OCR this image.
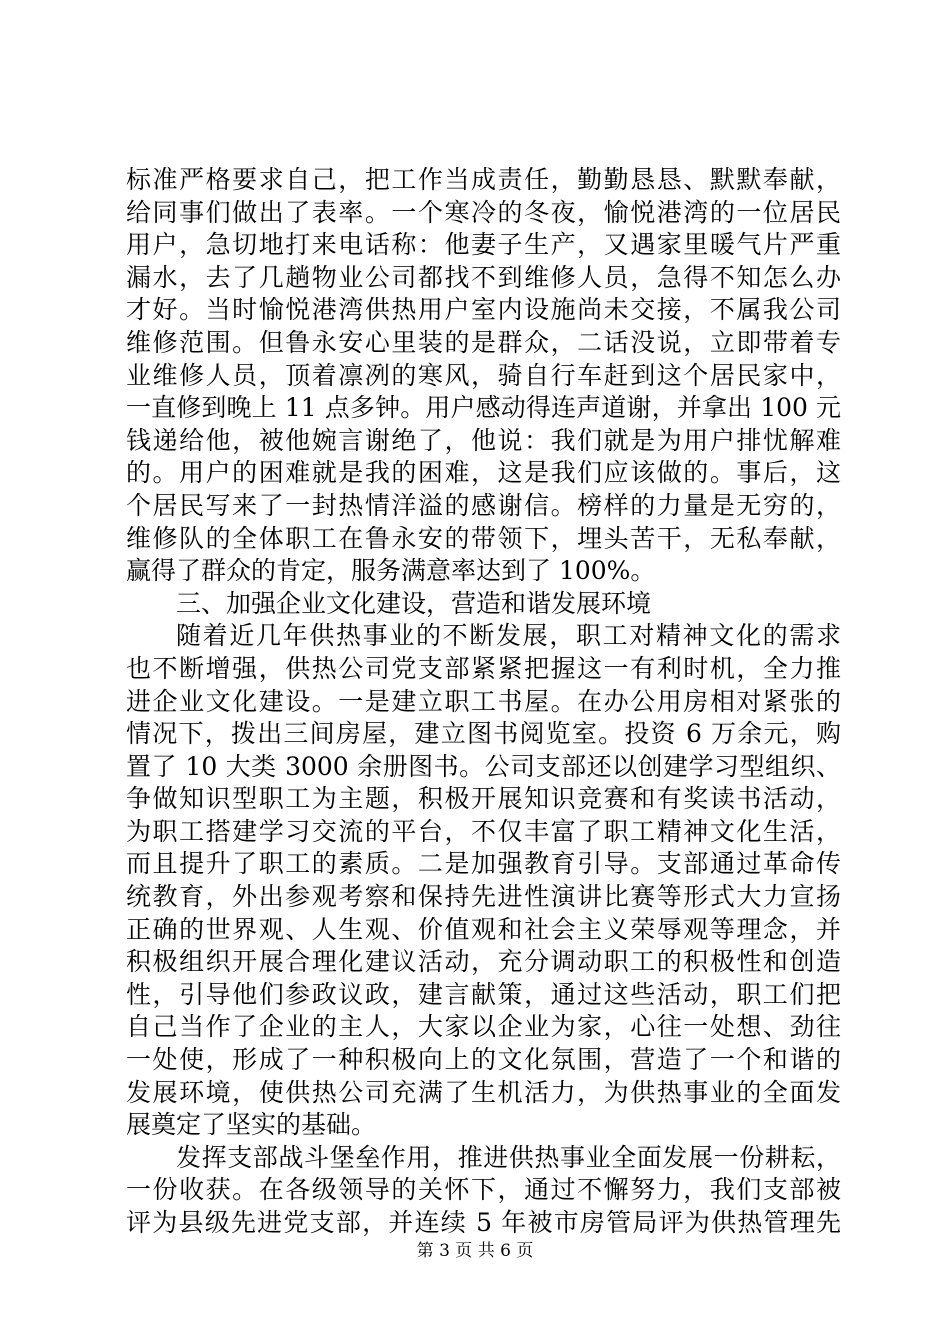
标准严格要求自己，把工作当成责任，勤勤恳恳、默默奉献，
给同事们做出了表率。一个寒冷的冬夜，愉悦港湾的一位居民
用户，急切地打来电话称：他妻子生产，又遇家里暖气片严重
漏水，去了几趟物业公司都找不到维修人员，急得不知怎么办
才好。当时愉悦港湾供热用户室内设施尚未交接，不属我公司
维修范围。但鲁永安心里装的是群众，二话没说，立即带着专
业维修人员，顶着凛冽的寒风，骑自行车赶到这个居民家中，
一直修到晚上 11 点多钟。用户感动得连声道谢，并拿出 100 元
钱递给他，被他婉言谢绝了，他说：我们就是为用户排忧解难
的。用户的困难就是我的困难，这是我们应该做的。事后，这
个居民写来了一封热情洋溢的感谢信。榜样的力量是无穷的，
维修队的全体职工在鲁永安的带领下，埋头苦干，无私奉献，
赢得了群众的肯定，服务满意率达到了 100%。
三、加强企业文化建设，营造和谐发展环境
随着近几年供热事业的不断发展，职工对精神文化的需求
也不断增强，供热公司党支部紧紧把握这一有利时机，全力推
进企业文化建设。一是建立职工书屋。在办公用房相对紧张的
情况下，拨出三间房屋，建立图书阅览室。投资 6 万余元，购
置了 10 大类 3000 余册图书。公司支部还以创建学习型组织、
争做知识型职工为主题，积极开展知识竞赛和有奖读书活动，
为职工搭建学习交流的平台，不仅丰富了职工精神文化生活，
而且提升了职工的素质。二是加强教育引导。支部通过革命传
统教育，外出参观考察和保持先进性演讲比赛等形式大力宣扬
正确的世界观、人生观、价值观和社会主义荣辱观等理念，并
积极组织开展合理化建议活动，充分调动职工的积极性和创造
性，引导他们参政议政，建言献策，通过这些活动，职工们把
自己当作了企业的主人，大家以企业为家，心往一处想、劲往
一处使，形成了一种积极向上的文化氛围，营造了一个和谐的
发展环境，使供热公司充满了生机活力，为供热事业的全面发
展奠定了坚实的基础。
发挥支部战斗堡垒作用，推进供热事业全面发展一份耕耘，
一份收获。在各级领导的关怀下，通过不懈努力，我们支部被
评为县级先进党支部，并连续 5 年被市房管局评为供热管理先
第 3 页 共 6 页
